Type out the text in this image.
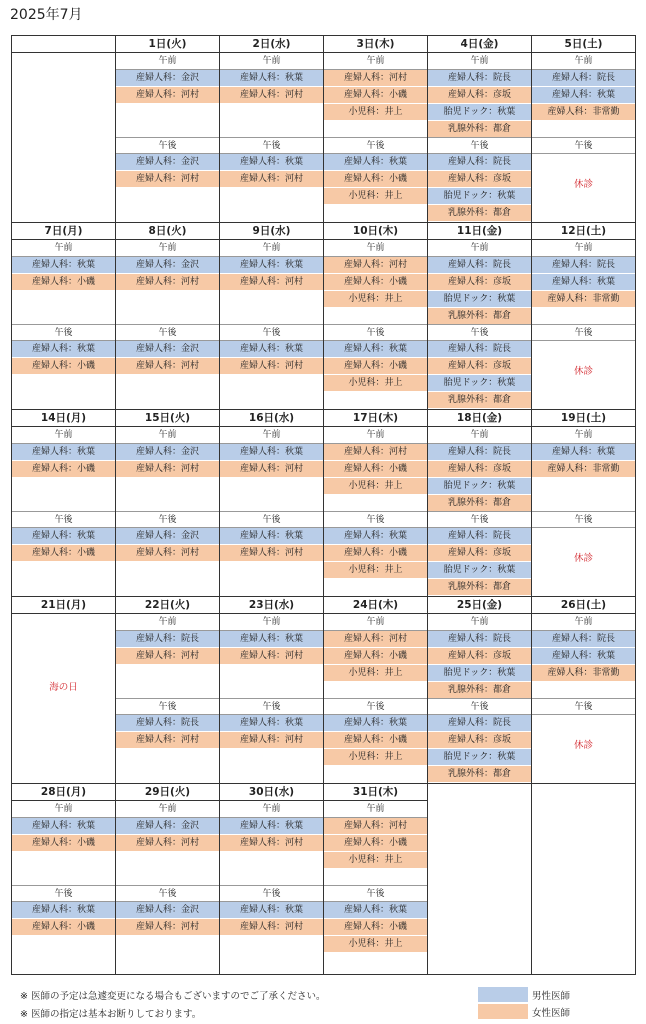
2025年7月
1日(火)
午前
産婦人科：金沢
産婦人科：河村
午後
産婦人科：金沢
産婦人科：河村
2日(水)
午前
産婦人科：秋葉
産婦人科：河村
午後
産婦人科：秋葉
産婦人科：河村
3日(木)
午前
産婦人科：河村
産婦人科：小磯
小児科：井上
午後
産婦人科：秋葉
産婦人科：小磯
小児科：井上
4日(金)
午前
産婦人科：院長
産婦人科：彦坂
胎児ドック：秋葉
乳腺外科：都倉
午後
産婦人科：院長
産婦人科：彦坂
胎児ドック：秋葉
乳腺外科：都倉
5日(土)
午前
産婦人科：院長
産婦人科：秋葉
産婦人科：非常勤
午後
休診
7日(月)
午前
産婦人科：秋葉
産婦人科：小磯
午後
産婦人科：秋葉
産婦人科：小磯
8日(火)
午前
産婦人科：金沢
産婦人科：河村
午後
産婦人科：金沢
産婦人科：河村
9日(水)
午前
産婦人科：秋葉
産婦人科：河村
午後
産婦人科：秋葉
産婦人科：河村
10日(木)
午前
産婦人科：河村
産婦人科：小磯
小児科：井上
午後
産婦人科：秋葉
産婦人科：小磯
小児科：井上
11日(金)
午前
産婦人科：院長
産婦人科：彦坂
胎児ドック：秋葉
乳腺外科：都倉
午後
産婦人科：院長
産婦人科：彦坂
胎児ドック：秋葉
乳腺外科：都倉
12日(土)
午前
産婦人科：院長
産婦人科：秋葉
産婦人科：非常勤
午後
休診
14日(月)
午前
産婦人科：秋葉
産婦人科：小磯
午後
産婦人科：秋葉
産婦人科：小磯
15日(火)
午前
産婦人科：金沢
産婦人科：河村
午後
産婦人科：金沢
産婦人科：河村
16日(水)
午前
産婦人科：秋葉
産婦人科：河村
午後
産婦人科：秋葉
産婦人科：河村
17日(木)
午前
産婦人科：河村
産婦人科：小磯
小児科：井上
午後
産婦人科：秋葉
産婦人科：小磯
小児科：井上
18日(金)
午前
産婦人科：院長
産婦人科：彦坂
胎児ドック：秋葉
乳腺外科：都倉
午後
産婦人科：院長
産婦人科：彦坂
胎児ドック：秋葉
乳腺外科：都倉
19日(土)
午前
産婦人科：秋葉
産婦人科：非常勤
午後
休診
21日(月)
海の日
22日(火)
午前
産婦人科：院長
産婦人科：河村
午後
産婦人科：院長
産婦人科：河村
23日(水)
午前
産婦人科：秋葉
産婦人科：河村
午後
産婦人科：秋葉
産婦人科：河村
24日(木)
午前
産婦人科：河村
産婦人科：小磯
小児科：井上
午後
産婦人科：秋葉
産婦人科：小磯
小児科：井上
25日(金)
午前
産婦人科：院長
産婦人科：彦坂
胎児ドック：秋葉
乳腺外科：都倉
午後
産婦人科：院長
産婦人科：彦坂
胎児ドック：秋葉
乳腺外科：都倉
26日(土)
午前
産婦人科：院長
産婦人科：秋葉
産婦人科：非常勤
午後
休診
28日(月)
午前
産婦人科：秋葉
産婦人科：小磯
午後
産婦人科：秋葉
産婦人科：小磯
29日(火)
午前
産婦人科：金沢
産婦人科：河村
午後
産婦人科：金沢
産婦人科：河村
30日(水)
午前
産婦人科：秋葉
産婦人科：河村
午後
産婦人科：秋葉
産婦人科：河村
31日(木)
午前
産婦人科：河村
産婦人科：小磯
小児科：井上
午後
産婦人科：秋葉
産婦人科：小磯
小児科：井上
※ 医師の予定は急遽変更になる場合もございますのでご了承ください。
※ 医師の指定は基本お断りしております。
男性医師
女性医師
